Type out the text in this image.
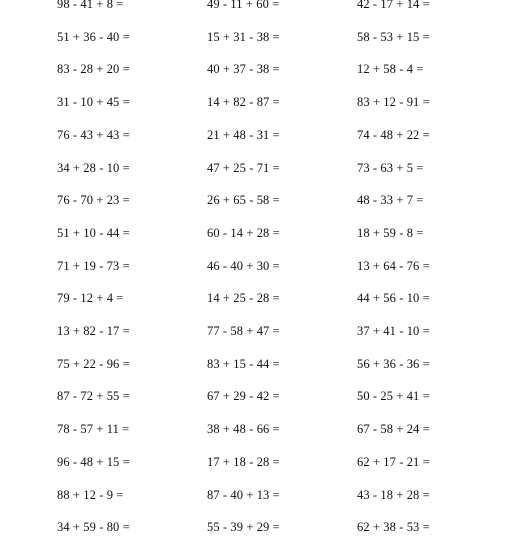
98 - 41 + 8 =	49 - 11 + 60 =	42 - 17 + 14 =
51 + 36 - 40 =	15 + 31 - 38 =	58 - 53 + 15 =
83 - 28 + 20 =	40 + 37 - 38 =	12 + 58 - 4 =
31 - 10 + 45 =	14 + 82 - 87 =	83 + 12 - 91 =
76 - 43 + 43 =	21 + 48 - 31 =	74 - 48 + 22 =
34 + 28 - 10 =	47 + 25 - 71 =	73 - 63 + 5 =
76 - 70 + 23 =	26 + 65 - 58 =	48 - 33 + 7 =
51 + 10 - 44 =	60 - 14 + 28 =	18 + 59 - 8 =
71 + 19 - 73 =	46 - 40 + 30 =	13 + 64 - 76 =
79 - 12 + 4 =	14 + 25 - 28 =	44 + 56 - 10 =
13 + 82 - 17 =	77 - 58 + 47 =	37 + 41 - 10 =
75 + 22 - 96 =	83 + 15 - 44 =	56 + 36 - 36 =
87 - 72 + 55 =	67 + 29 - 42 =	50 - 25 + 41 =
78 - 57 + 11 =	38 + 48 - 66 =	67 - 58 + 24 =
96 - 48 + 15 =	17 + 18 - 28 =	62 + 17 - 21 =
88 + 12 - 9 =	87 - 40 + 13 =	43 - 18 + 28 =
34 + 59 - 80 =	55 - 39 + 29 =	62 + 38 - 53 =
